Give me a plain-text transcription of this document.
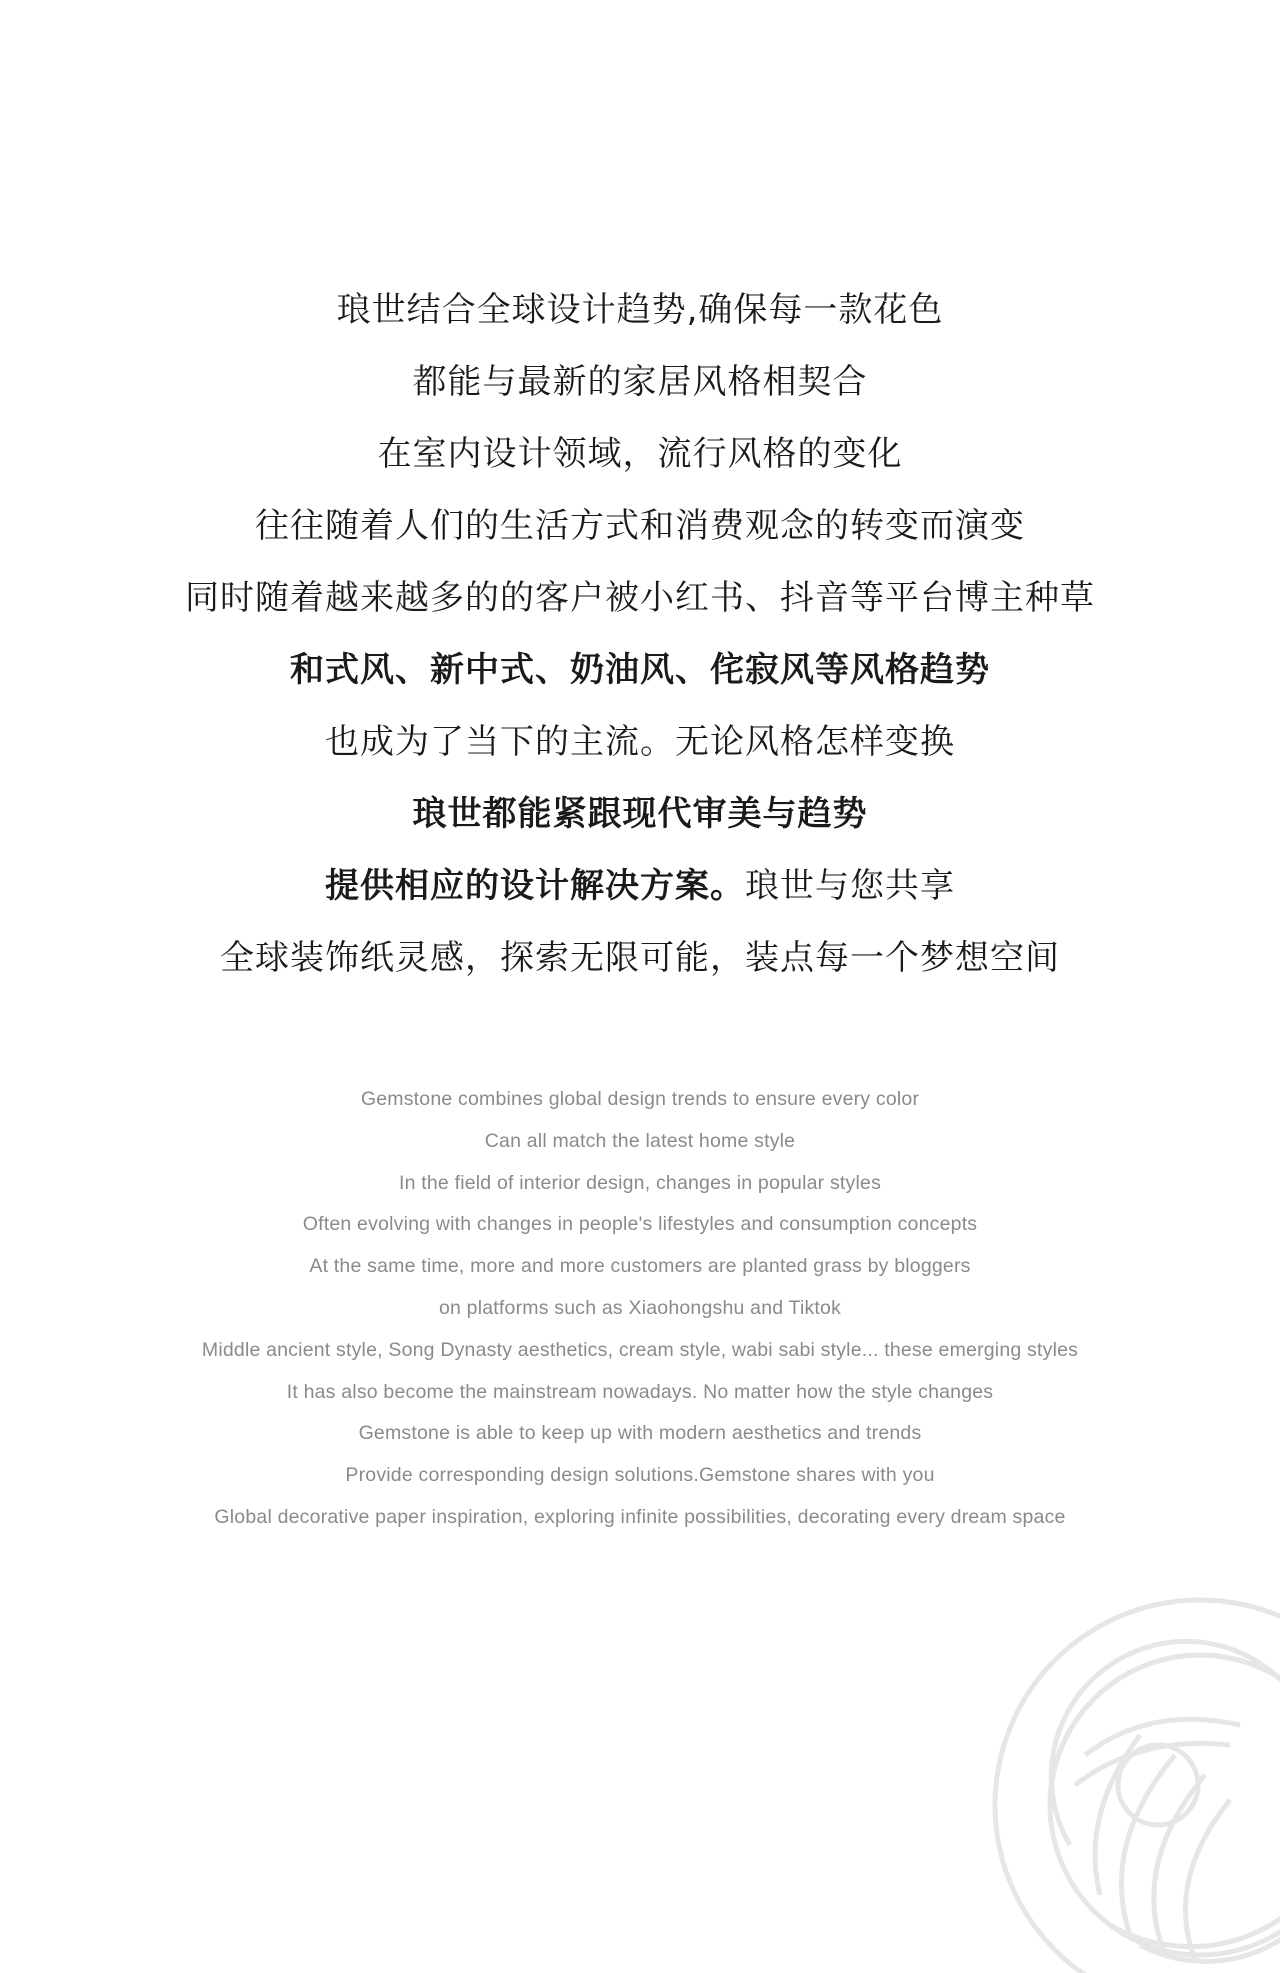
琅世结合全球设计趋势,确保每一款花色
都能与最新的家居风格相契合
在室内设计领域，流行风格的变化
往往随着人们的生活方式和消费观念的转变而演变
同时随着越来越多的的客户被小红书、抖音等平台博主种草
和式风、新中式、奶油风、侘寂风等风格趋势
也成为了当下的主流。无论风格怎样变换
琅世都能紧跟现代审美与趋势
提供相应的设计解决方案。琅世与您共享
全球装饰纸灵感，探索无限可能，装点每一个梦想空间
Gemstone combines global design trends to ensure every color
Can all match the latest home style
In the field of interior design, changes in popular styles
Often evolving with changes in people's lifestyles and consumption concepts
At the same time, more and more customers are planted grass by bloggers
on platforms such as Xiaohongshu and Tiktok
Middle ancient style, Song Dynasty aesthetics, cream style, wabi sabi style... these emerging styles
It has also become the mainstream nowadays. No matter how the style changes
Gemstone is able to keep up with modern aesthetics and trends
Provide corresponding design solutions.Gemstone shares with you
Global decorative paper inspiration, exploring infinite possibilities, decorating every dream space
